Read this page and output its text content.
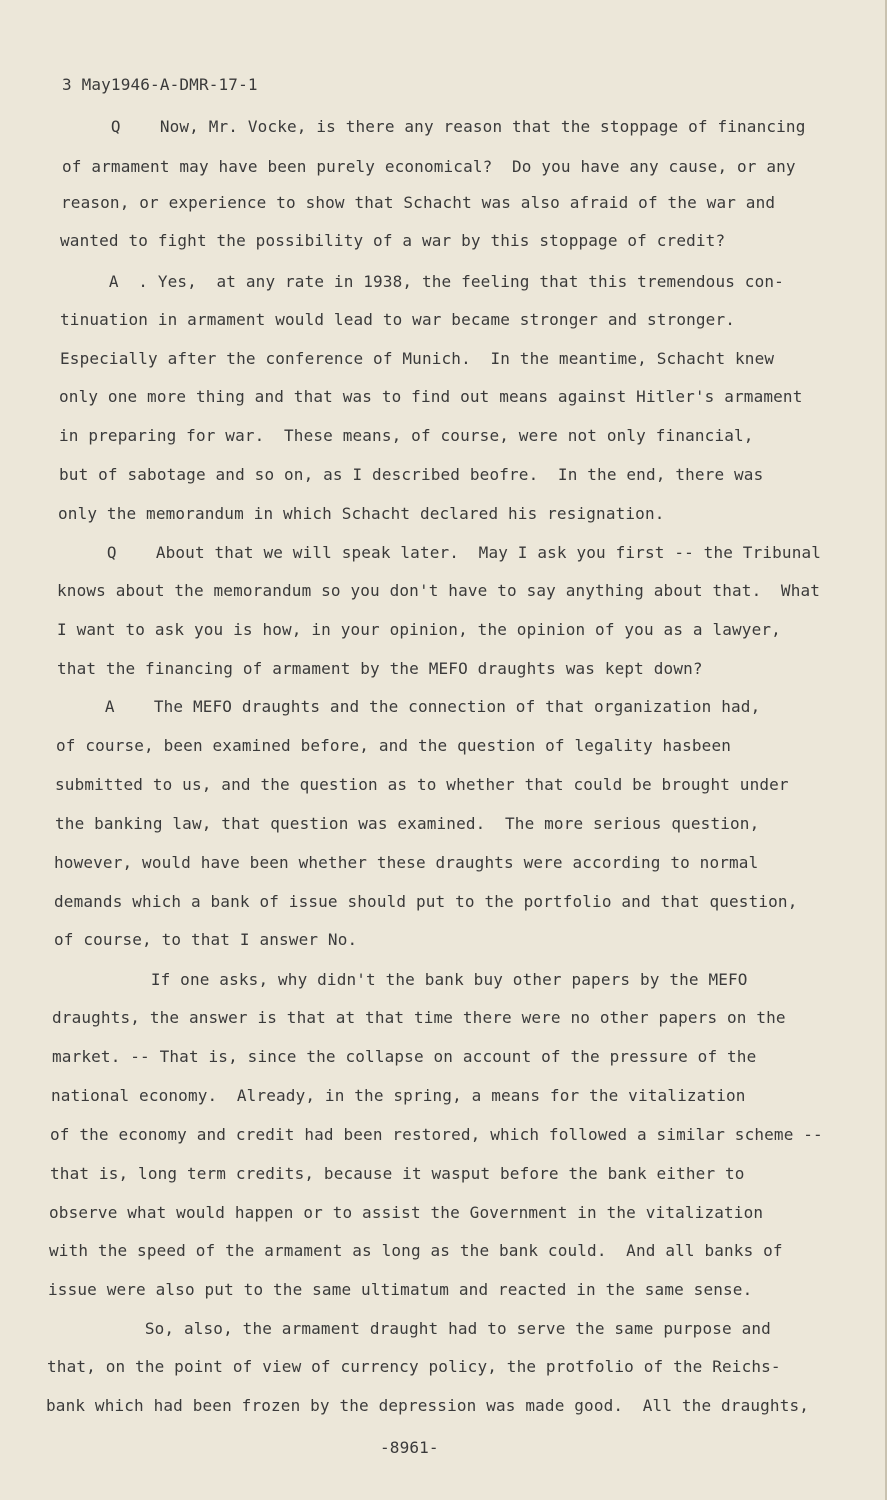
3 May1946-A-DMR-17-1
Q    Now, Mr. Vocke, is there any reason that the stoppage of financing
of armament may have been purely economical?  Do you have any cause, or any
reason, or experience to show that Schacht was also afraid of the war and
wanted to fight the possibility of a war by this stoppage of credit?
A  . Yes,  at any rate in 1938, the feeling that this tremendous con-
tinuation in armament would lead to war became stronger and stronger.
Especially after the conference of Munich.  In the meantime, Schacht knew
only one more thing and that was to find out means against Hitler's armament
in preparing for war.  These means, of course, were not only financial,
but of sabotage and so on, as I described beofre.  In the end, there was
only the memorandum in which Schacht declared his resignation.
Q    About that we will speak later.  May I ask you first -- the Tribunal
knows about the memorandum so you don't have to say anything about that.  What
I want to ask you is how, in your opinion, the opinion of you as a lawyer,
that the financing of armament by the MEFO draughts was kept down?
A    The MEFO draughts and the connection of that organization had,
of course, been examined before, and the question of legality hasbeen
submitted to us, and the question as to whether that could be brought under
the banking law, that question was examined.  The more serious question,
however, would have been whether these draughts were according to normal
demands which a bank of issue should put to the portfolio and that question,
of course, to that I answer No.
If one asks, why didn't the bank buy other papers by the MEFO
draughts, the answer is that at that time there were no other papers on the
market. -- That is, since the collapse on account of the pressure of the
national economy.  Already, in the spring, a means for the vitalization
of the economy and credit had been restored, which followed a similar scheme --
that is, long term credits, because it wasput before the bank either to
observe what would happen or to assist the Government in the vitalization
with the speed of the armament as long as the bank could.  And all banks of
issue were also put to the same ultimatum and reacted in the same sense.
So, also, the armament draught had to serve the same purpose and
that, on the point of view of currency policy, the protfolio of the Reichs-
bank which had been frozen by the depression was made good.  All the draughts,
-8961-
